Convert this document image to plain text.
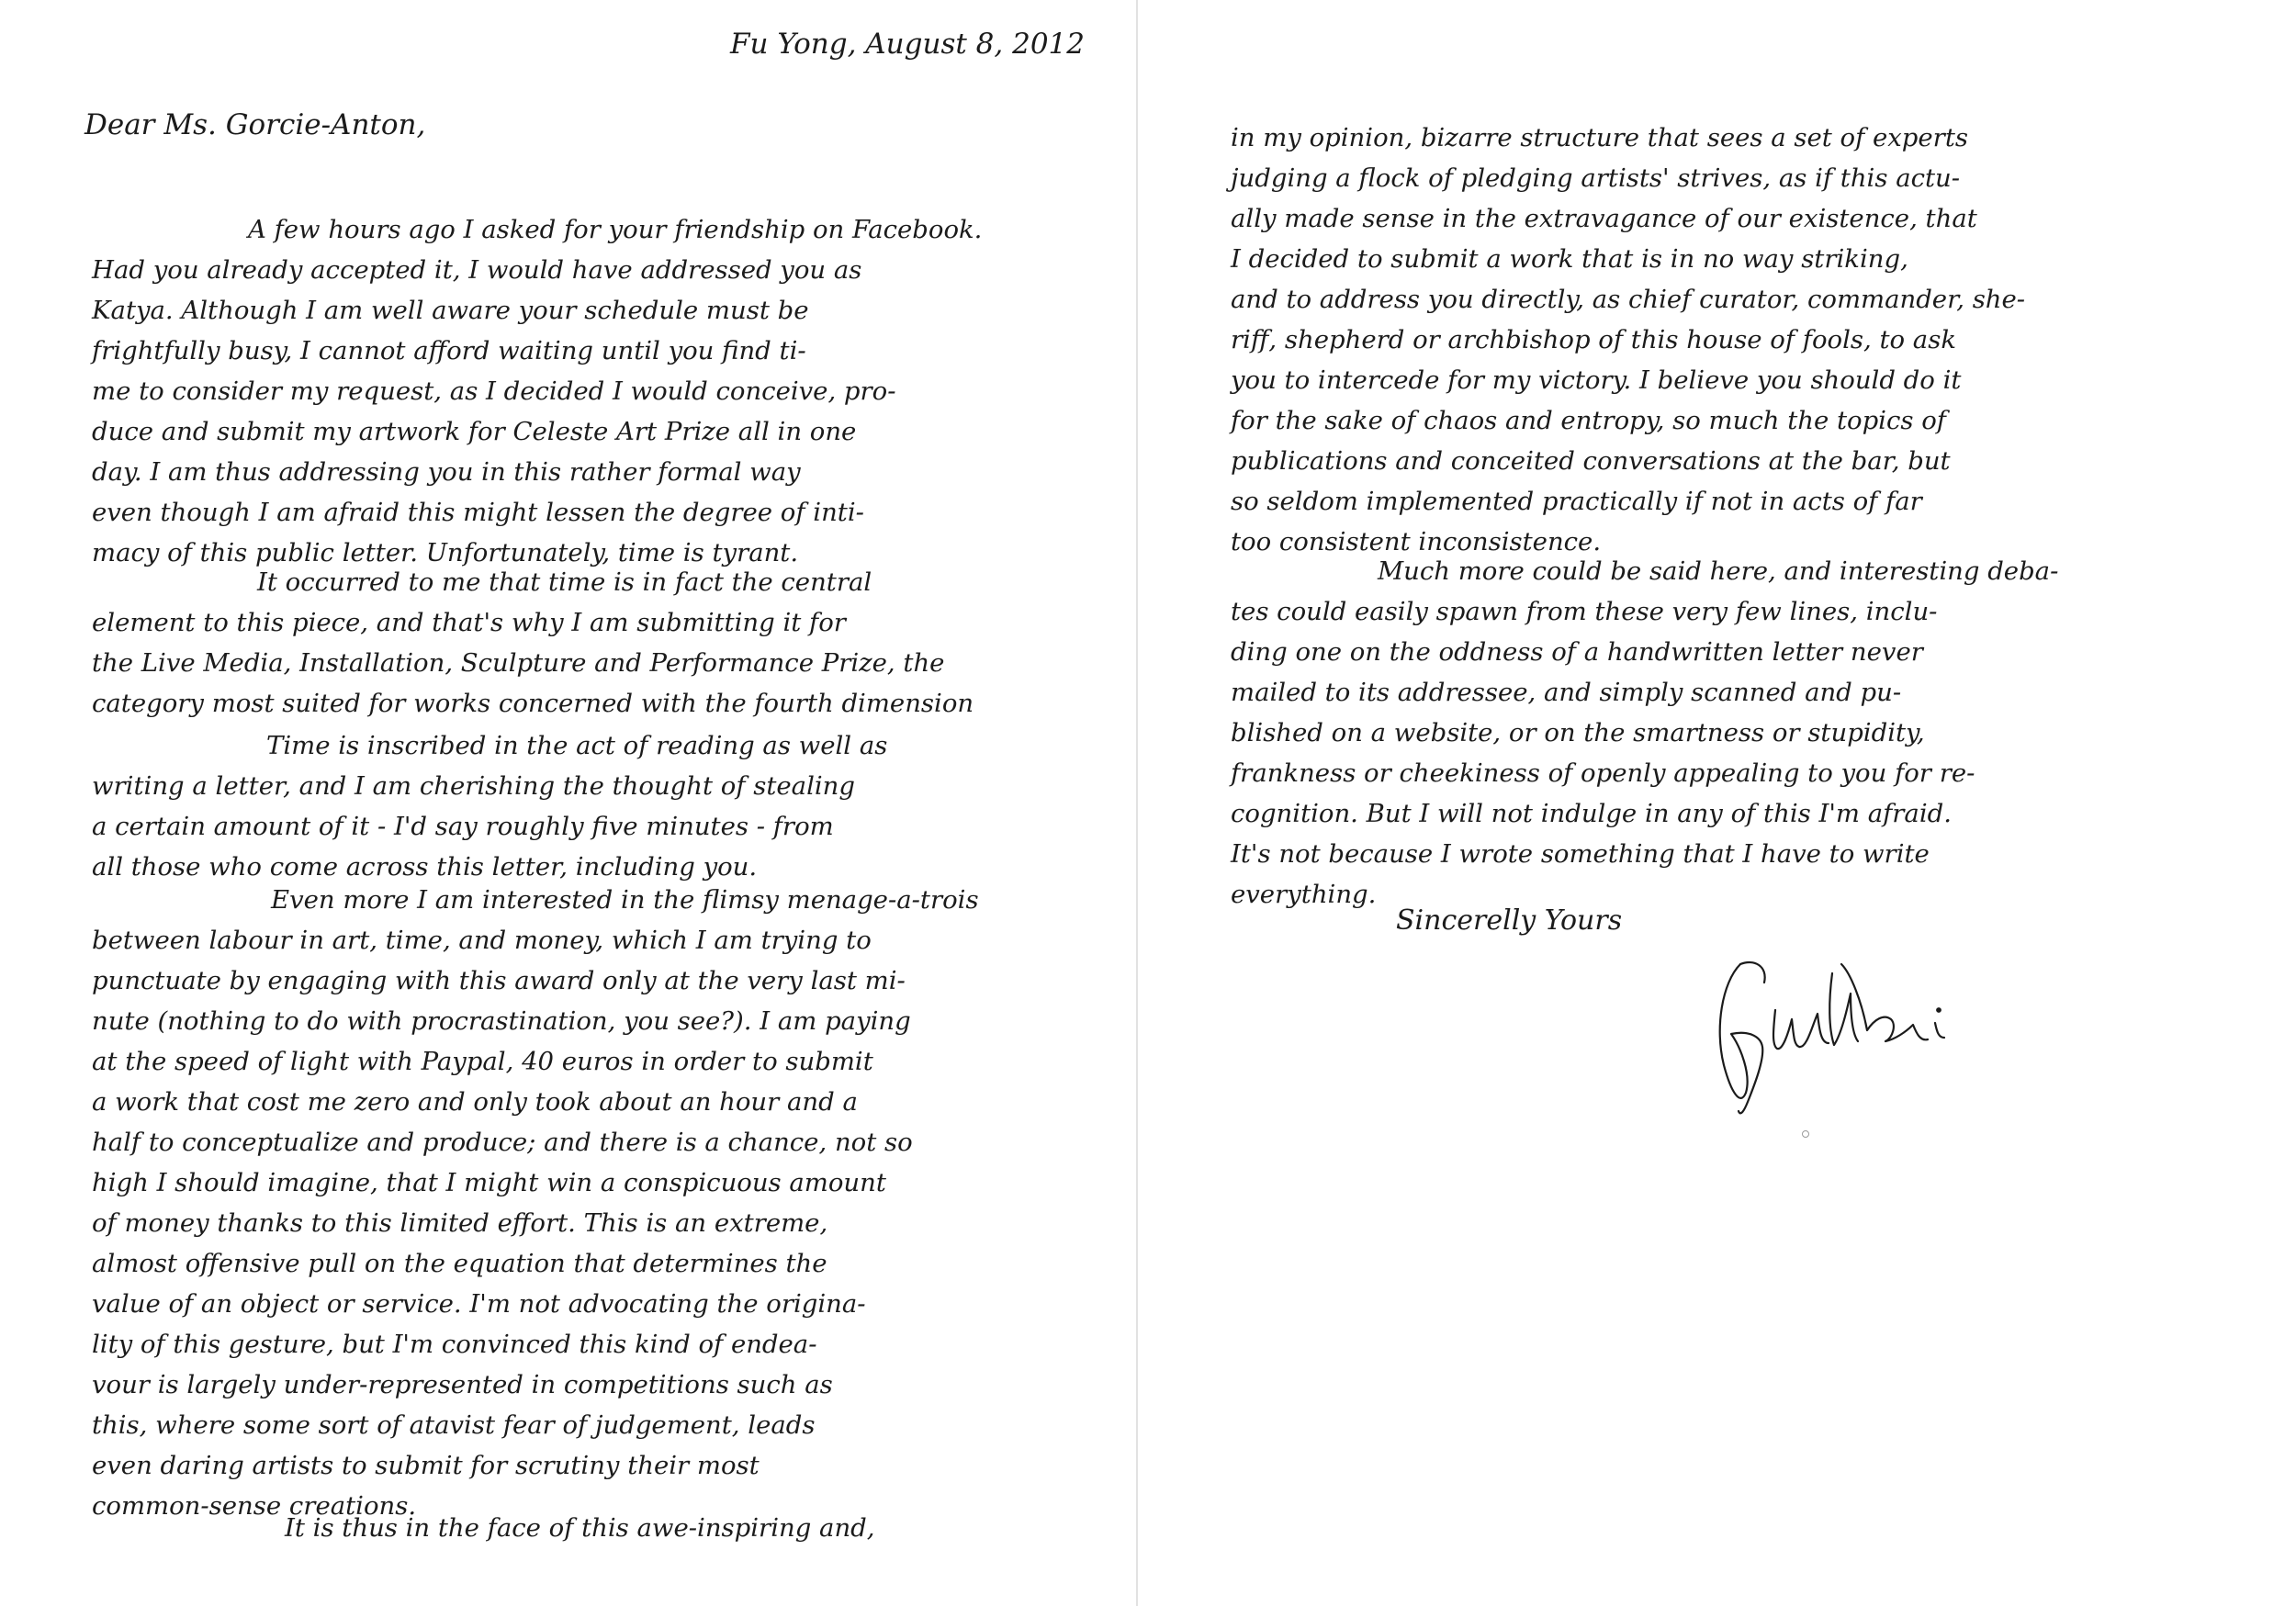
Fu Yong, August 8, 2012

Dear Ms. Gorcie-Anton,

A few hours ago I asked for your friendship on Facebook.
Had you already accepted it, I would have addressed you as
Katya. Although I am well aware your schedule must be
frightfully busy, I cannot afford waiting until you find ti-
me to consider my request, as I decided I would conceive, pro-
duce and submit my artwork for Celeste Art Prize all in one
day. I am thus addressing you in this rather formal way
even though I am afraid this might lessen the degree of inti-
macy of this public letter. Unfortunately, time is tyrant.
It occurred to me that time is in fact the central
element to this piece, and that's why I am submitting it for
the Live Media, Installation, Sculpture and Performance Prize, the
category most suited for works concerned with the fourth dimension
Time is inscribed in the act of reading as well as
writing a letter, and I am cherishing the thought of stealing
a certain amount of it - I'd say roughly five minutes - from
all those who come across this letter, including you.
Even more I am interested in the flimsy menage-a-trois
between labour in art, time, and money, which I am trying to
punctuate by engaging with this award only at the very last mi-
nute (nothing to do with procrastination, you see?). I am paying
at the speed of light with Paypal, 40 euros in order to submit
a work that cost me zero and only took about an hour and a
half to conceptualize and produce; and there is a chance, not so
high I should imagine, that I might win a conspicuous amount
of money thanks to this limited effort. This is an extreme,
almost offensive pull on the equation that determines the
value of an object or service. I'm not advocating the origina-
lity of this gesture, but I'm convinced this kind of endea-
vour is largely under-represented in competitions such as
this, where some sort of atavist fear of judgement, leads
even daring artists to submit for scrutiny their most
common-sense creations.
It is thus in the face of this awe-inspiring and,
in my opinion, bizarre structure that sees a set of experts
judging a flock of pledging artists' strives, as if this actu-
ally made sense in the extravagance of our existence, that
I decided to submit a work that is in no way striking,
and to address you directly, as chief curator, commander, she-
riff, shepherd or archbishop of this house of fools, to ask
you to intercede for my victory. I believe you should do it
for the sake of chaos and entropy, so much the topics of
publications and conceited conversations at the bar, but
so seldom implemented practically if not in acts of far
too consistent inconsistence.
Much more could be said here, and interesting deba-
tes could easily spawn from these very few lines, inclu-
ding one on the oddness of a handwritten letter never
mailed to its addressee, and simply scanned and pu-
blished on a website, or on the smartness or stupidity,
frankness or cheekiness of openly appealing to you for re-
cognition. But I will not indulge in any of this I'm afraid.
It's not because I wrote something that I have to write
everything.

Sincerelly Yours
